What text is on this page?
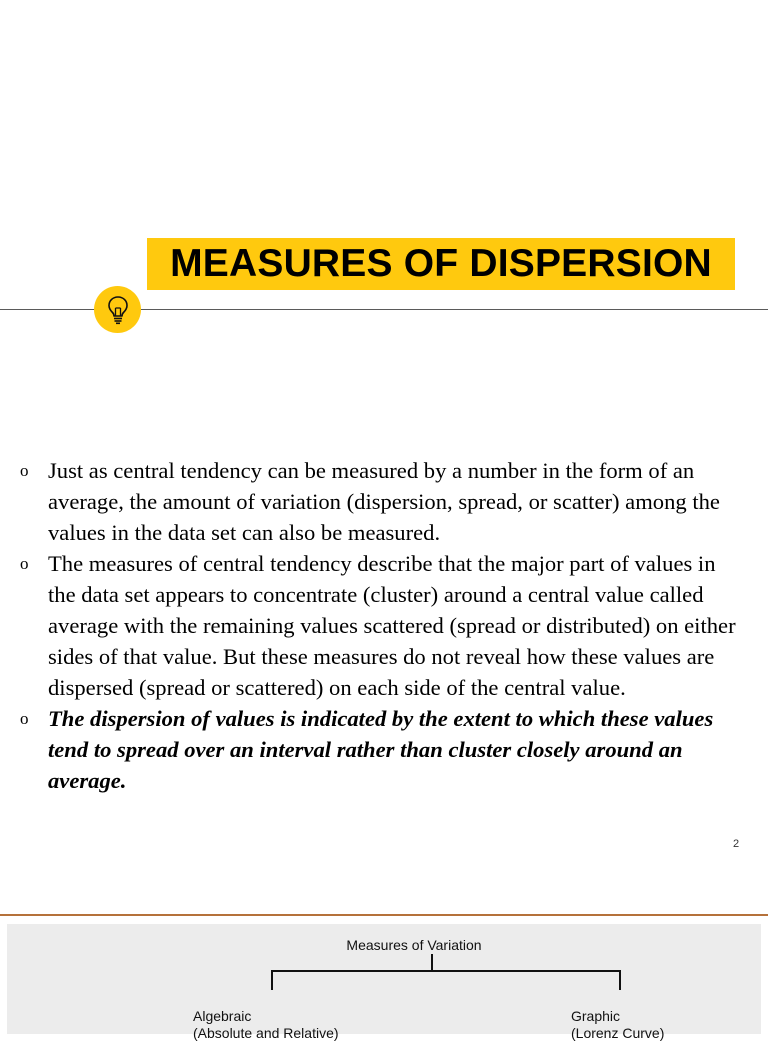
MEASURES OF DISPERSION
o Just as central tendency can be measured by a number in the form of an average, the amount of variation (dispersion, spread, or scatter) among the values in the data set can also be measured.
o The measures of central tendency describe that the major part of values in the data set appears to concentrate (cluster) around a central value called average with the remaining values scattered (spread or distributed) on either sides of that value. But these measures do not reveal how these values are dispersed (spread or scattered) on each side of the central value.
o The dispersion of values is indicated by the extent to which these values tend to spread over an interval rather than cluster closely around an average.
2
Measures of Variation
Algebraic
(Absolute and Relative)
Graphic
(Lorenz Curve)
